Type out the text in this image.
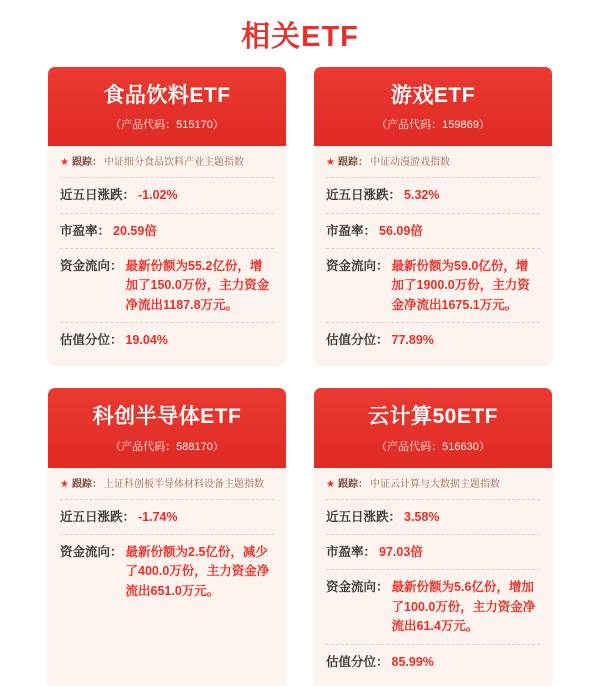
相关ETF
食品饮料ETF
（产品代码：515170）
★ 跟踪： 中证细分食品饮料产业主题指数
近五日涨跌： -1.02%
市盈率： 20.59倍
资金流向： 最新份额为55.2亿份，增加了150.0万份，主力资金净流出1187.8万元。
估值分位： 19.04%
游戏ETF
（产品代码：159869）
★ 跟踪： 中证动漫游戏指数
近五日涨跌： 5.32%
市盈率： 56.09倍
资金流向： 最新份额为59.0亿份，增加了1900.0万份，主力资金净流出1675.1万元。
估值分位： 77.89%
科创半导体ETF
（产品代码：588170）
★ 跟踪： 上证科创板半导体材料设备主题指数
近五日涨跌： -1.74%
资金流向： 最新份额为2.5亿份，减少了400.0万份，主力资金净流出651.0万元。
云计算50ETF
（产品代码：516630）
★ 跟踪： 中证云计算与大数据主题指数
近五日涨跌： 3.58%
市盈率： 97.03倍
资金流向： 最新份额为5.6亿份，增加了100.0万份，主力资金净流出61.4万元。
估值分位： 85.99%
